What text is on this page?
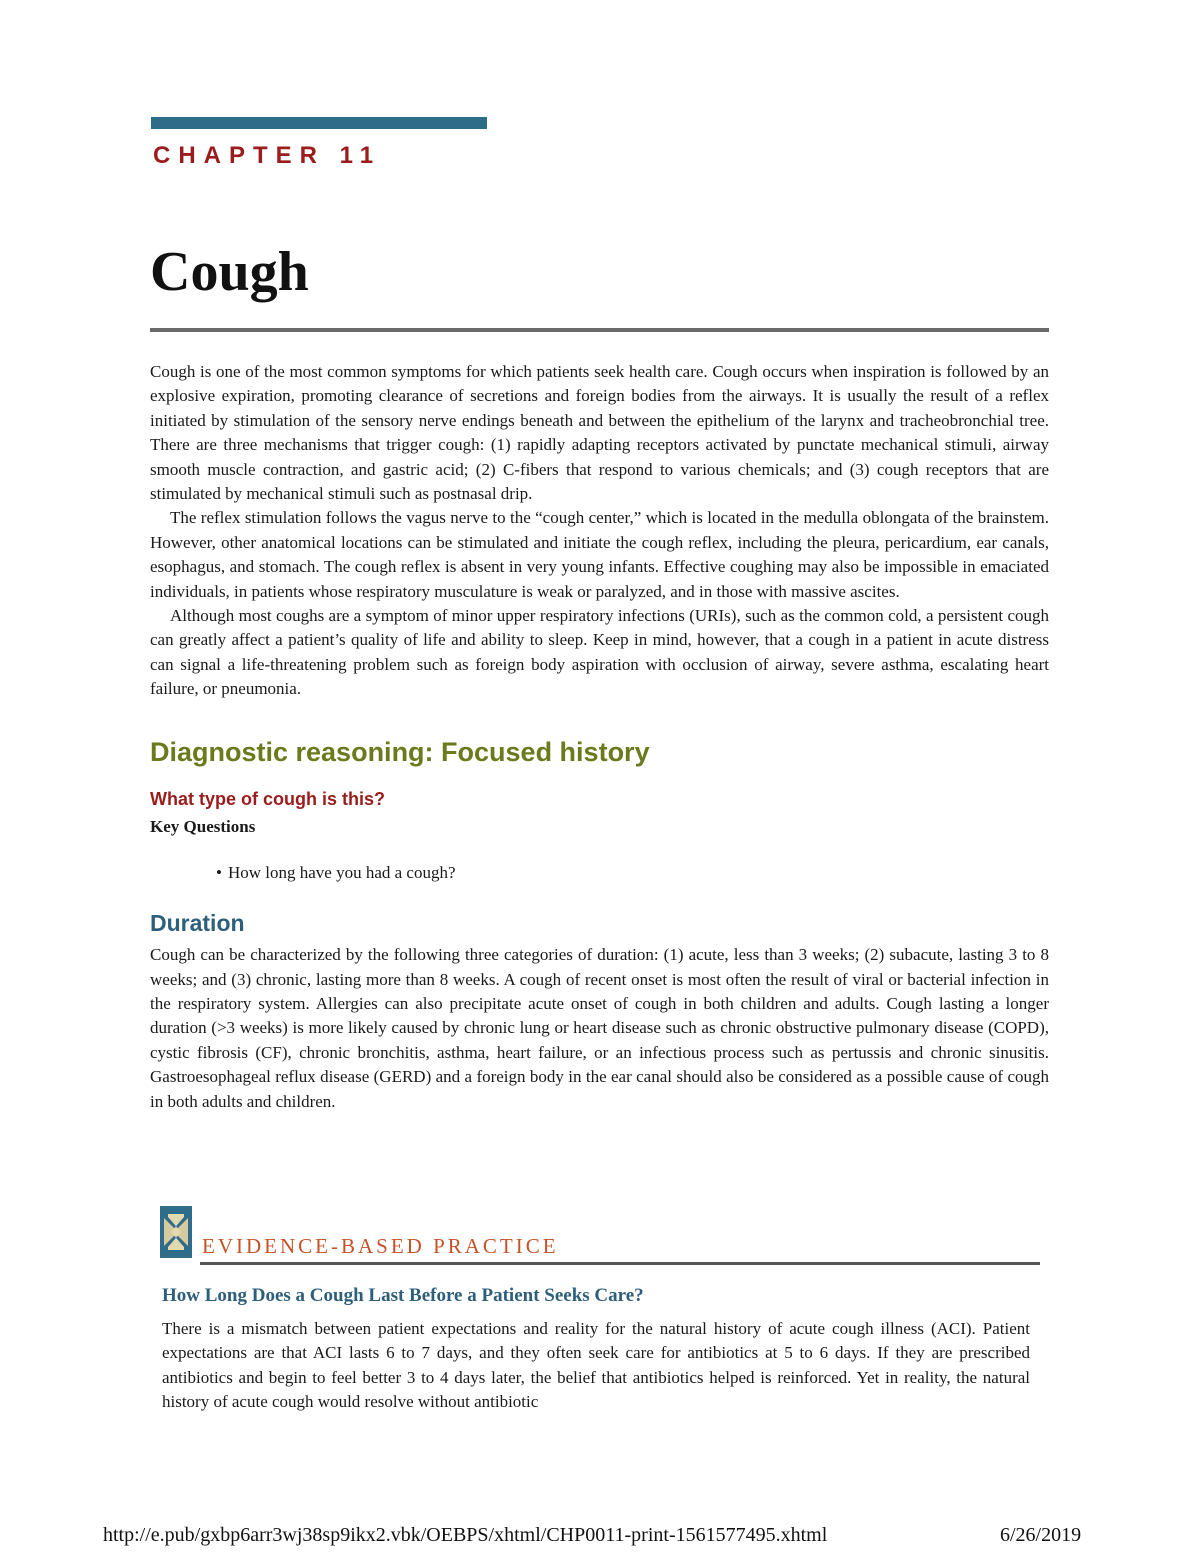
CHAPTER 11

Cough

Cough is one of the most common symptoms for which patients seek health care. Cough occurs when inspiration is followed by an explosive expiration, promoting clearance of secretions and foreign bodies from the airways. It is usually the result of a reflex initiated by stimulation of the sensory nerve endings beneath and between the epithelium of the larynx and tracheobronchial tree. There are three mechanisms that trigger cough: (1) rapidly adapting receptors activated by punctate mechanical stimuli, airway smooth muscle contraction, and gastric acid; (2) C-fibers that respond to various chemicals; and (3) cough receptors that are stimulated by mechanical stimuli such as postnasal drip.

The reflex stimulation follows the vagus nerve to the “cough center,” which is located in the medulla oblongata of the brainstem. However, other anatomical locations can be stimulated and initiate the cough reflex, including the pleura, pericardium, ear canals, esophagus, and stomach. The cough reflex is absent in very young infants. Effective coughing may also be impossible in emaciated individuals, in patients whose respiratory musculature is weak or paralyzed, and in those with massive ascites.

Although most coughs are a symptom of minor upper respiratory infections (URIs), such as the common cold, a persistent cough can greatly affect a patient’s quality of life and ability to sleep. Keep in mind, however, that a cough in a patient in acute distress can signal a life-threatening problem such as foreign body aspiration with occlusion of airway, severe asthma, escalating heart failure, or pneumonia.

Diagnostic reasoning: Focused history
What type of cough is this?
Key Questions
• How long have you had a cough?
Duration

Cough can be characterized by the following three categories of duration: (1) acute, less than 3 weeks; (2) subacute, lasting 3 to 8 weeks; and (3) chronic, lasting more than 8 weeks. A cough of recent onset is most often the result of viral or bacterial infection in the respiratory system. Allergies can also precipitate acute onset of cough in both children and adults. Cough lasting a longer duration (>3 weeks) is more likely caused by chronic lung or heart disease such as chronic obstructive pulmonary disease (COPD), cystic fibrosis (CF), chronic bronchitis, asthma, heart failure, or an infectious process such as pertussis and chronic sinusitis. Gastroesophageal reflux disease (GERD) and a foreign body in the ear canal should also be considered as a possible cause of cough in both adults and children.

EVIDENCE-BASED PRACTICE

How Long Does a Cough Last Before a Patient Seeks Care?

There is a mismatch between patient expectations and reality for the natural history of acute cough illness (ACI). Patient expectations are that ACI lasts 6 to 7 days, and they often seek care for antibiotics at 5 to 6 days. If they are prescribed antibiotics and begin to feel better 3 to 4 days later, the belief that antibiotics helped is reinforced. Yet in reality, the natural history of acute cough would resolve without antibiotic

http://e.pub/gxbp6arr3wj38sp9ikx2.vbk/OEBPS/xhtml/CHP0011-print-1561577495.xhtml	6/26/2019
